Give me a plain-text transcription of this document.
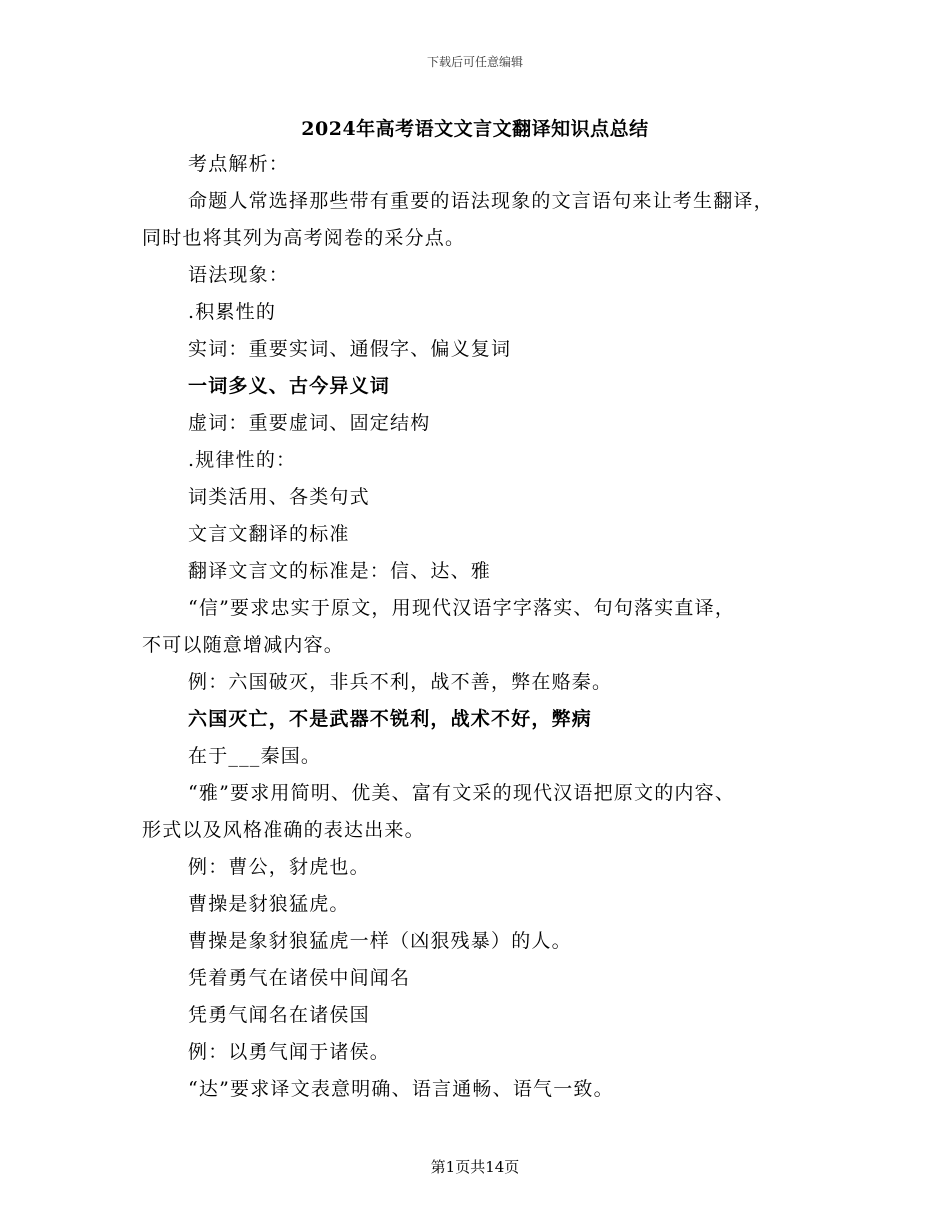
下载后可任意编辑
2024年高考语文文言文翻译知识点总结

考点解析：

命题人常选择那些带有重要的语法现象的文言语句来让考生翻译，

同时也将其列为高考阅卷的采分点。

语法现象：

.积累性的

实词：重要实词、通假字、偏义复词

一词多义、古今异义词

虚词：重要虚词、固定结构

.规律性的：

词类活用、各类句式

文言文翻译的标准

翻译文言文的标准是：信、达、雅

“信”要求忠实于原文，用现代汉语字字落实、句句落实直译，

不可以随意增减内容。

例：六国破灭，非兵不利，战不善，弊在赂秦。

六国灭亡，不是武器不锐利，战术不好，弊病

在于___秦国。

“雅”要求用简明、优美、富有文采的现代汉语把原文的内容、

形式以及风格准确的表达出来。

例：曹公，豺虎也。

曹操是豺狼猛虎。

曹操是象豺狼猛虎一样（凶狠残暴）的人。

凭着勇气在诸侯中间闻名

凭勇气闻名在诸侯国

例：以勇气闻于诸侯。

“达”要求译文表意明确、语言通畅、语气一致。

第1页共14页
